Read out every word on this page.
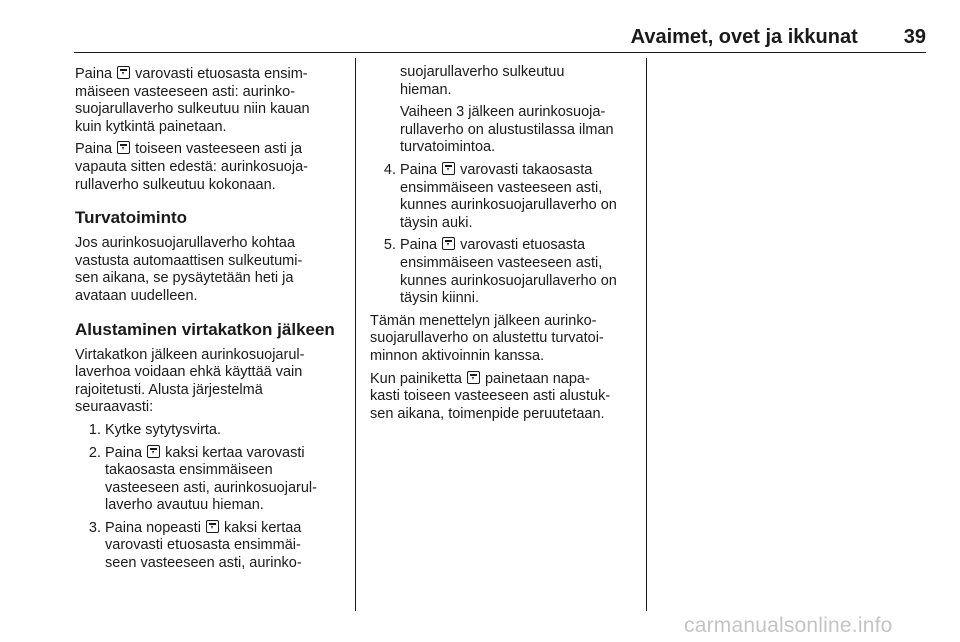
Avaimet, ovet ja ikkunat 39

Paina varovasti etuosasta ensim-
mäiseen vasteeseen asti: aurinko-
suojarullaverho sulkeutuu niin kauan
kuin kytkintä painetaan.

Paina toiseen vasteeseen asti ja
vapauta sitten edestä: aurinkosuoja-
rullaverho sulkeutuu kokonaan.

Turvatoiminto

Jos aurinkosuojarullaverho kohtaa
vastusta automaattisen sulkeutumi-
sen aikana, se pysäytetään heti ja
avataan uudelleen.

Alustaminen virtakatkon jälkeen

Virtakatkon jälkeen aurinkosuojarul-
laverhoa voidaan ehkä käyttää vain
rajoitetusti. Alusta järjestelmä
seuraavasti:

1. Kytke sytytysvirta.
2. Paina kaksi kertaa varovasti
takaosasta ensimmäiseen
vasteeseen asti, aurinkosuojarul-
laverho avautuu hieman.
3. Paina nopeasti kaksi kertaa
varovasti etuosasta ensimmäi-
seen vasteeseen asti, aurinko-
suojarullaverho sulkeutuu
hieman.
Vaiheen 3 jälkeen aurinkosuoja-
rullaverho on alustustilassa ilman
turvatoimintoa.
4. Paina varovasti takaosasta
ensimmäiseen vasteeseen asti,
kunnes aurinkosuojarullaverho on
täysin auki.
5. Paina varovasti etuosasta
ensimmäiseen vasteeseen asti,
kunnes aurinkosuojarullaverho on
täysin kiinni.

Tämän menettelyn jälkeen aurinko-
suojarullaverho on alustettu turvatoi-
minnon aktivoinnin kanssa.

Kun painiketta painetaan napa-
kasti toiseen vasteeseen asti alustuk-
sen aikana, toimenpide peruutetaan.

carmanualsonline.info
